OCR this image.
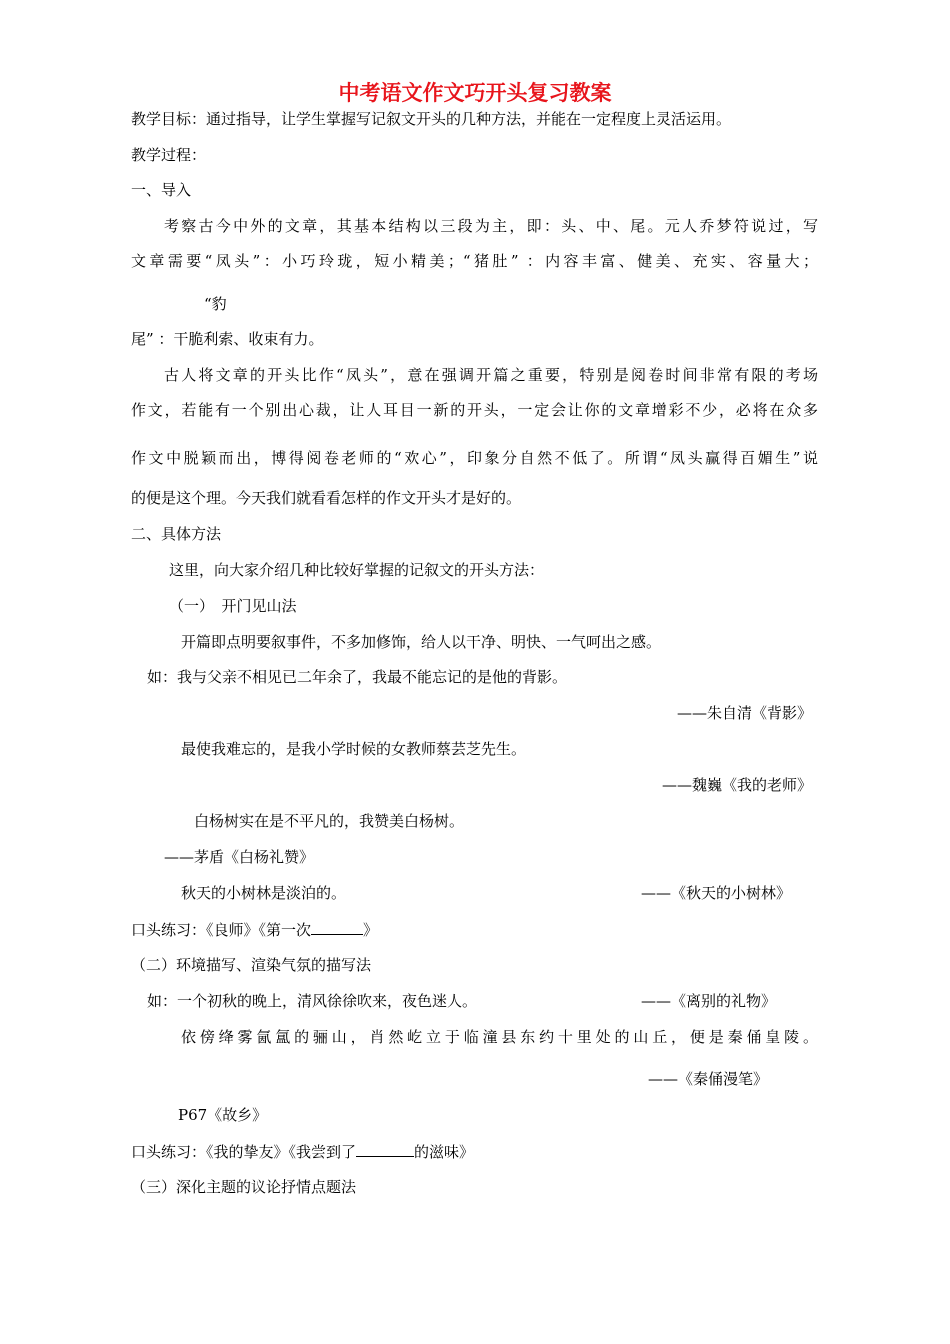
中考语文作文巧开头复习教案
教学目标：通过指导，让学生掌握写记叙文开头的几种方法，并能在一定程度上灵活运用。
教学过程：
一、导入
考察古今中外的文章，其基本结构以三段为主，即：头、中、尾。元人乔梦符说过，写
文章需要“凤头”：小巧玲珑，短小精美；“猪肚” ：内容丰富、健美、充实、容量大；
“豹
尾” ：干脆利索、收束有力。
古人将文章的开头比作“凤头”，意在强调开篇之重要，特别是阅卷时间非常有限的考场
作文，若能有一个别出心裁，让人耳目一新的开头，一定会让你的文章增彩不少，必将在众多
作文中脱颖而出，博得阅卷老师的“欢心”，印象分自然不低了。所谓“凤头赢得百媚生”说
的便是这个理。今天我们就看看怎样的作文开头才是好的。
二、具体方法
这里，向大家介绍几种比较好掌握的记叙文的开头方法：
（一）　开门见山法
开篇即点明要叙事件，不多加修饰，给人以干净、明快、一气呵出之感。
如：我与父亲不相见已二年余了，我最不能忘记的是他的背影。
——朱自清《背影》
最使我难忘的，是我小学时候的女教师蔡芸芝先生。
——魏巍《我的老师》
白杨树实在是不平凡的，我赞美白杨树。
——茅盾《白杨礼赞》
秋天的小树林是淡泊的。	——《秋天的小树林》
口头练习：《良师》《第一次	》
（二）环境描写、渲染气氛的描写法
如：一个初秋的晚上，清风徐徐吹来，夜色迷人。	——《离别的礼物》
依傍绛雾氤氲的骊山，肖然屹立于临潼县东约十里处的山丘，便是秦俑皇陵。
——《秦俑漫笔》
P67《故乡》
口头练习：《我的挚友》《我尝到了	的滋味》
（三）深化主题的议论抒情点题法
